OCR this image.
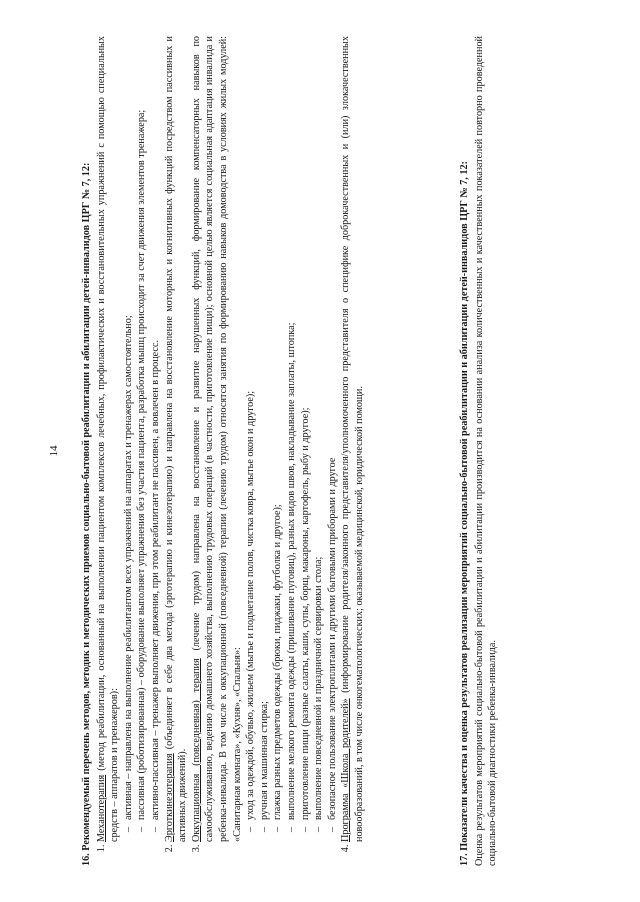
14 16. Рекомендуемый перечень методов, методик и методических приемов социально-бытовой реабилитации и абилитации детей-инвалидов ЦРГ № 7, 12: 1. Механотерапия (метод реабилитации, основанный на выполнении пациентом комплексов лечебных, профилактических и восстановительных упражнений с помощью специальных средств – аппаратов и тренажеров): – активная – направлена на выполнение реабилитантом всех упражнений на аппаратах и тренажерах самостоятельно; – пассивная (роботизированная) – оборудование выполняет упражнения без участия пациента, разработка мышц происходит за счет движения элементов тренажера; – активно-пассивная – тренажер выполняет движения, при этом реабилитант не пассивен, а вовлечен в процесс. 2. Эрготкинезотерапия (объединяет в себе два метода (эрготерапию и кинезотерапию) и направлена на восстановление моторных и когнитивных функций посредством пассивных и активных движений). 3. Оккупационная (повседневная) терапия (лечение трудом) направлена на восстановление и развитие нарушенных функций, формирование компенсаторных навыков по самообслуживанию, ведению домашнего хозяйства, выполнению трудовых операций (в частности, приготовление пищи); основной целью является социальная адаптация инвалида и ребенка-инвалида. В том числе к оккупационной (повседневной) терапии (лечению трудом) относятся занятия по формированию навыков домоводства в условиях жилых модулей: «Санитарная комната», «Кухня», «Спальня»: – уход за одеждой, обувью, жильем (мытье и подметание полов, чистка ковра, мытье окон и другое); – ручная и машинная стирка; – глажка разных предметов одежды (брюки, пиджаки, футболка и другое); – выполнение мелкого ремонта одежды (пришивание пуговиц), разных видов швов, накладывание заплаты, штопка; – приготовление пищи (разные салаты, каши, супы, борщ, макароны, картофель, рыбу и другое); – выполнение повседневной и праздничной сервировки стола; – безопасное пользование электроплитами и другими бытовыми приборами и другое 4. Программа «Школа родителей» (информирование родителя/законного представителя/уполномоченного представителя о специфике доброкачественных и (или) злокачественных новообразований, в том числе онкогематологических; оказываемой медицинской, юридической помощи.	17. Показатели качества и оценка результатов реализации мероприятий социально-бытовой реабилитации и абилитации детей-инвалидов ЦРГ № 7, 12: Оценка результатов мероприятий социально-бытовой реабилитации и абилитации производится на основании анализа количественных и качественных показателей повторно проведенной социально-бытовой диагностики ребенка-инвалида.
